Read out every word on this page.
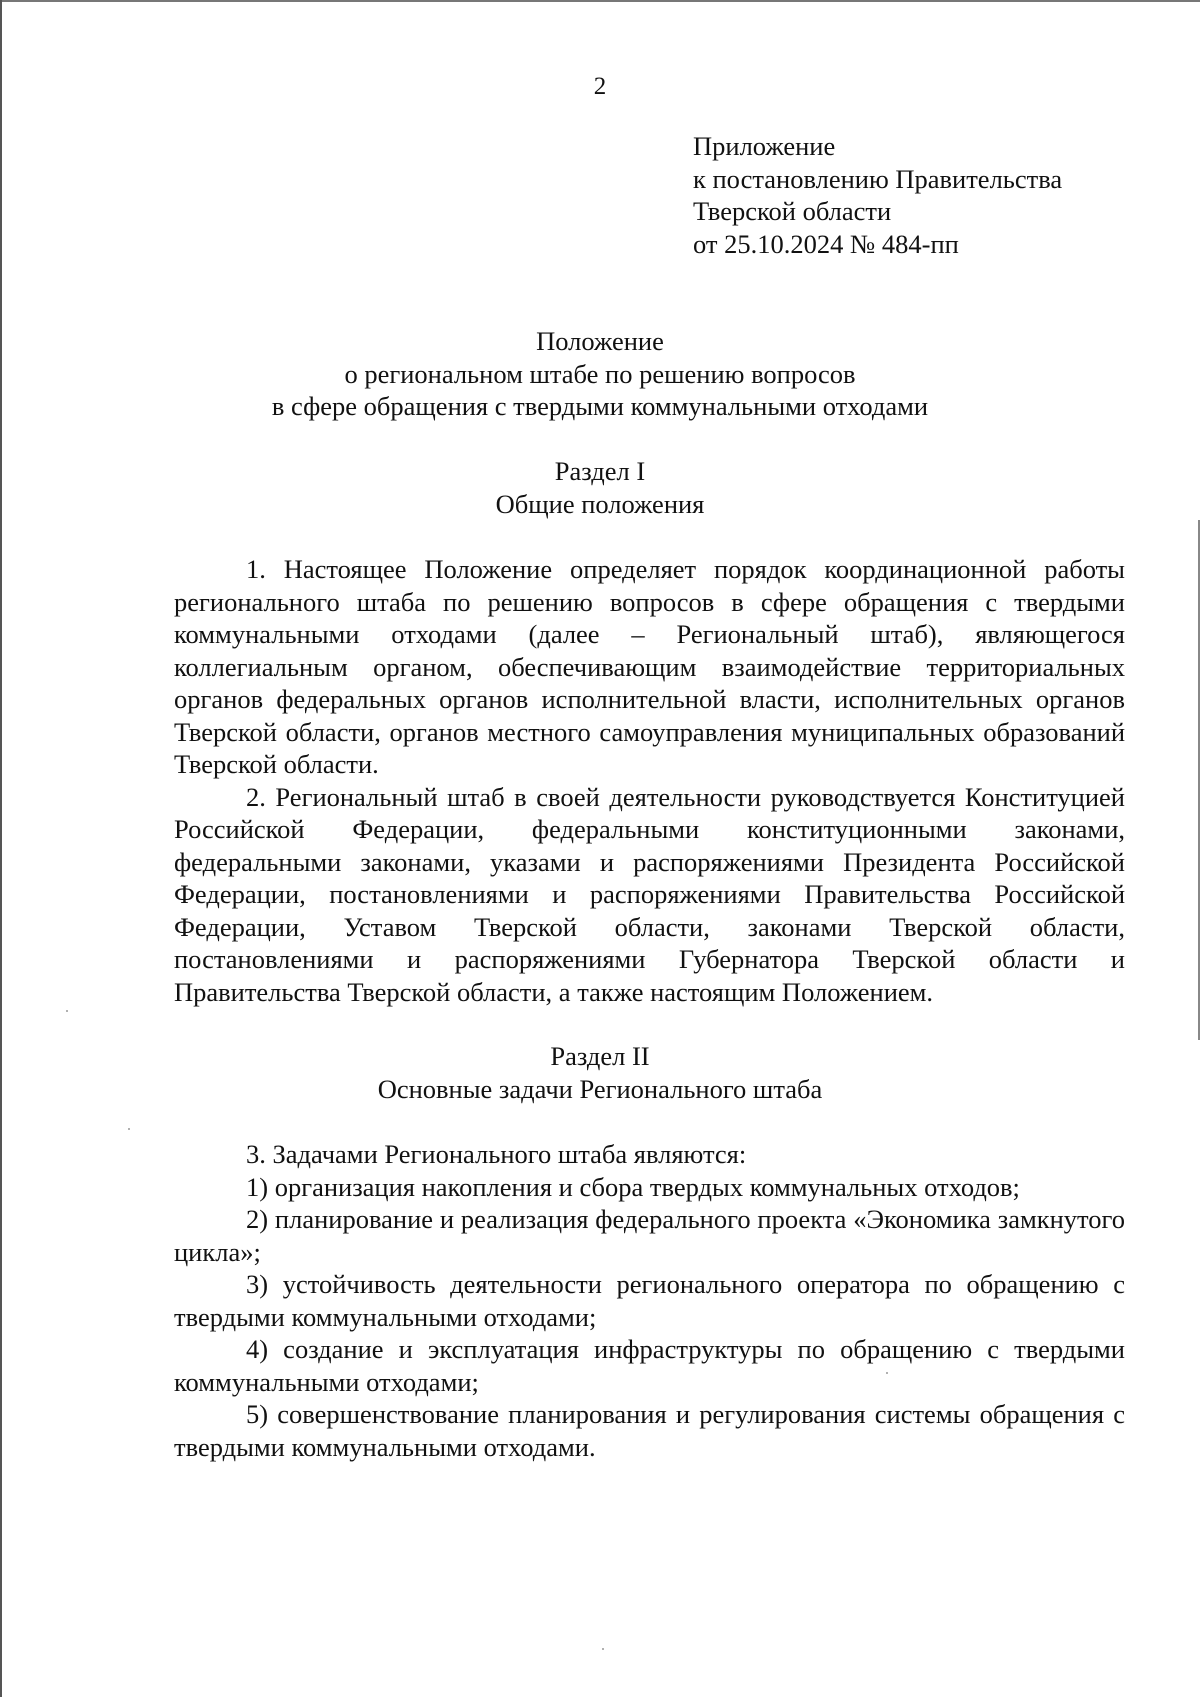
2
Приложение
к постановлению Правительства
Тверской области
от 25.10.2024 № 484-пп
Положение
о региональном штабе по решению вопросов
в сфере обращения с твердыми коммунальными отходами
Раздел I
Общие положения

1. Настоящее Положение определяет порядок координационной работы регионального штаба по решению вопросов в сфере обращения с твердыми коммунальными отходами (далее – Региональный штаб), являющегося коллегиальным органом, обеспечивающим взаимодействие территориальных органов федеральных органов исполнительной власти, исполнительных органов Тверской области, органов местного самоуправления муниципальных образований Тверской области.

2. Региональный штаб в своей деятельности руководствуется Конституцией Российской Федерации, федеральными конституционными законами, федеральными законами, указами и распоряжениями Президента Российской Федерации, постановлениями и распоряжениями Правительства Российской Федерации, Уставом Тверской области, законами Тверской области, постановлениями и распоряжениями Губернатора Тверской области и Правительства Тверской области, а также настоящим Положением.

Раздел II
Основные задачи Регионального штаба

3. Задачами Регионального штаба являются:

1) организация накопления и сбора твердых коммунальных отходов;

2) планирование и реализация федерального проекта «Экономика замкнутого цикла»;

3) устойчивость деятельности регионального оператора по обращению с твердыми коммунальными отходами;

4) создание и эксплуатация инфраструктуры по обращению с твердыми коммунальными отходами;

5) совершенствование планирования и регулирования системы обращения с твердыми коммунальными отходами.
